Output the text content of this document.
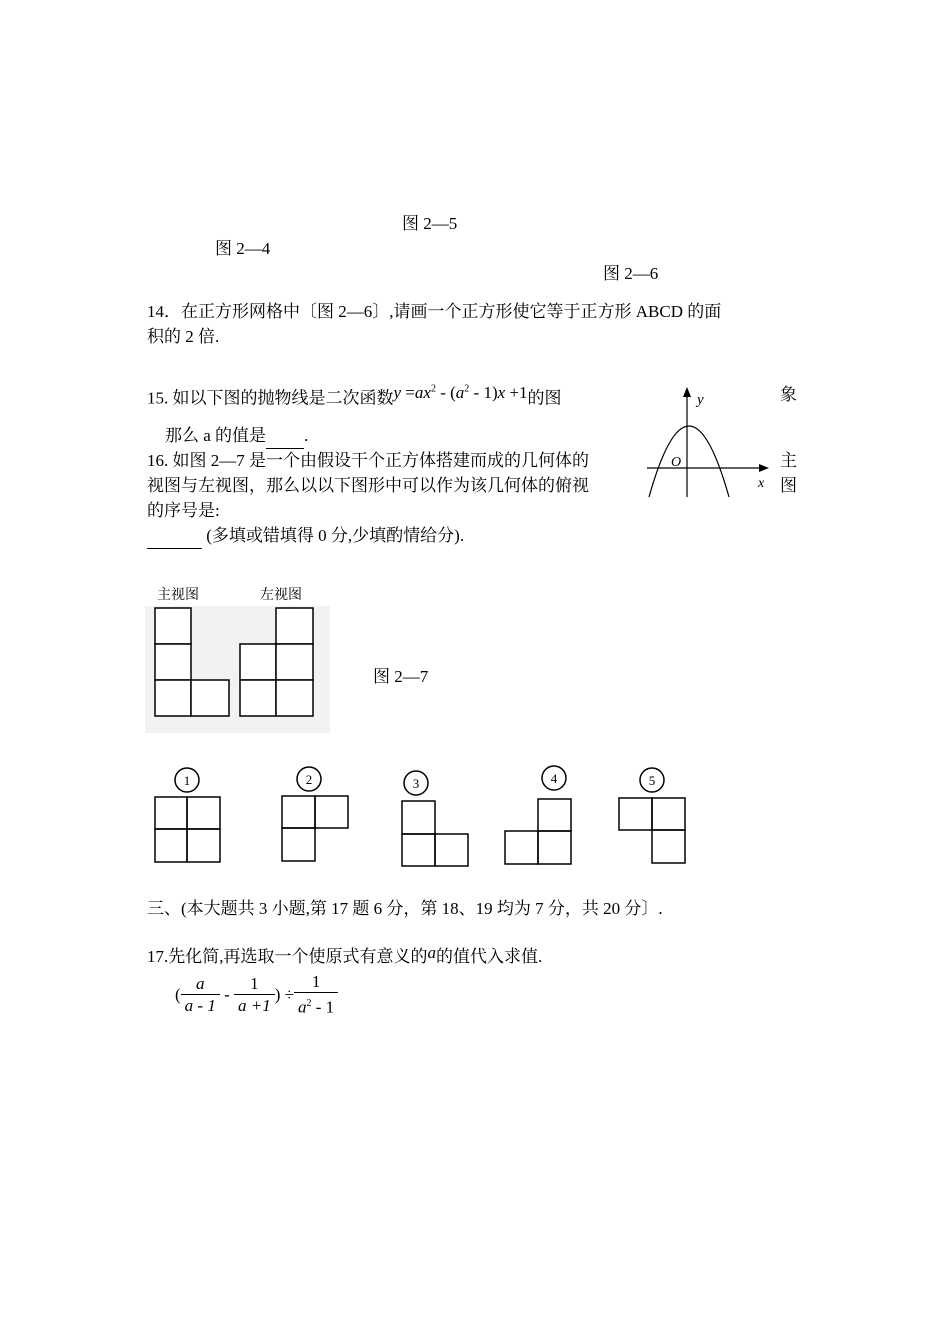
图 2—5
图 2—4
图 2—6
14．在正方形网格中〔图 2—6〕,请画一个正方形使它等于正方形 ABCD 的面
积的 2 倍.
15. 如以下图的抛物线是二次函数$y =ax^2 - (a^2 - 1)x +1$的图	象
那么 a 的值是 .
y
x
O
16. 如图 2—7 是一个由假设干个正方体搭建而成的几何体的	主
视图与左视图，那么以以下图形中可以作为该几何体的俯视	图
的序号是:
(多填或错填得 0 分,少填酌情给分).
主视图	左视图
图 2—7
1	2	3	4	5
三、(本大题共 3 小题,第 17 题 6 分，第 18、19 均为 7 分，共 20 分〕.
17.先化简,再选取一个使原式有意义的a的值代入求值.
( $\frac{a}{a - 1} - \frac{1}{a +1}$ ) ÷ $\frac{1}{a^2 - 1}$
